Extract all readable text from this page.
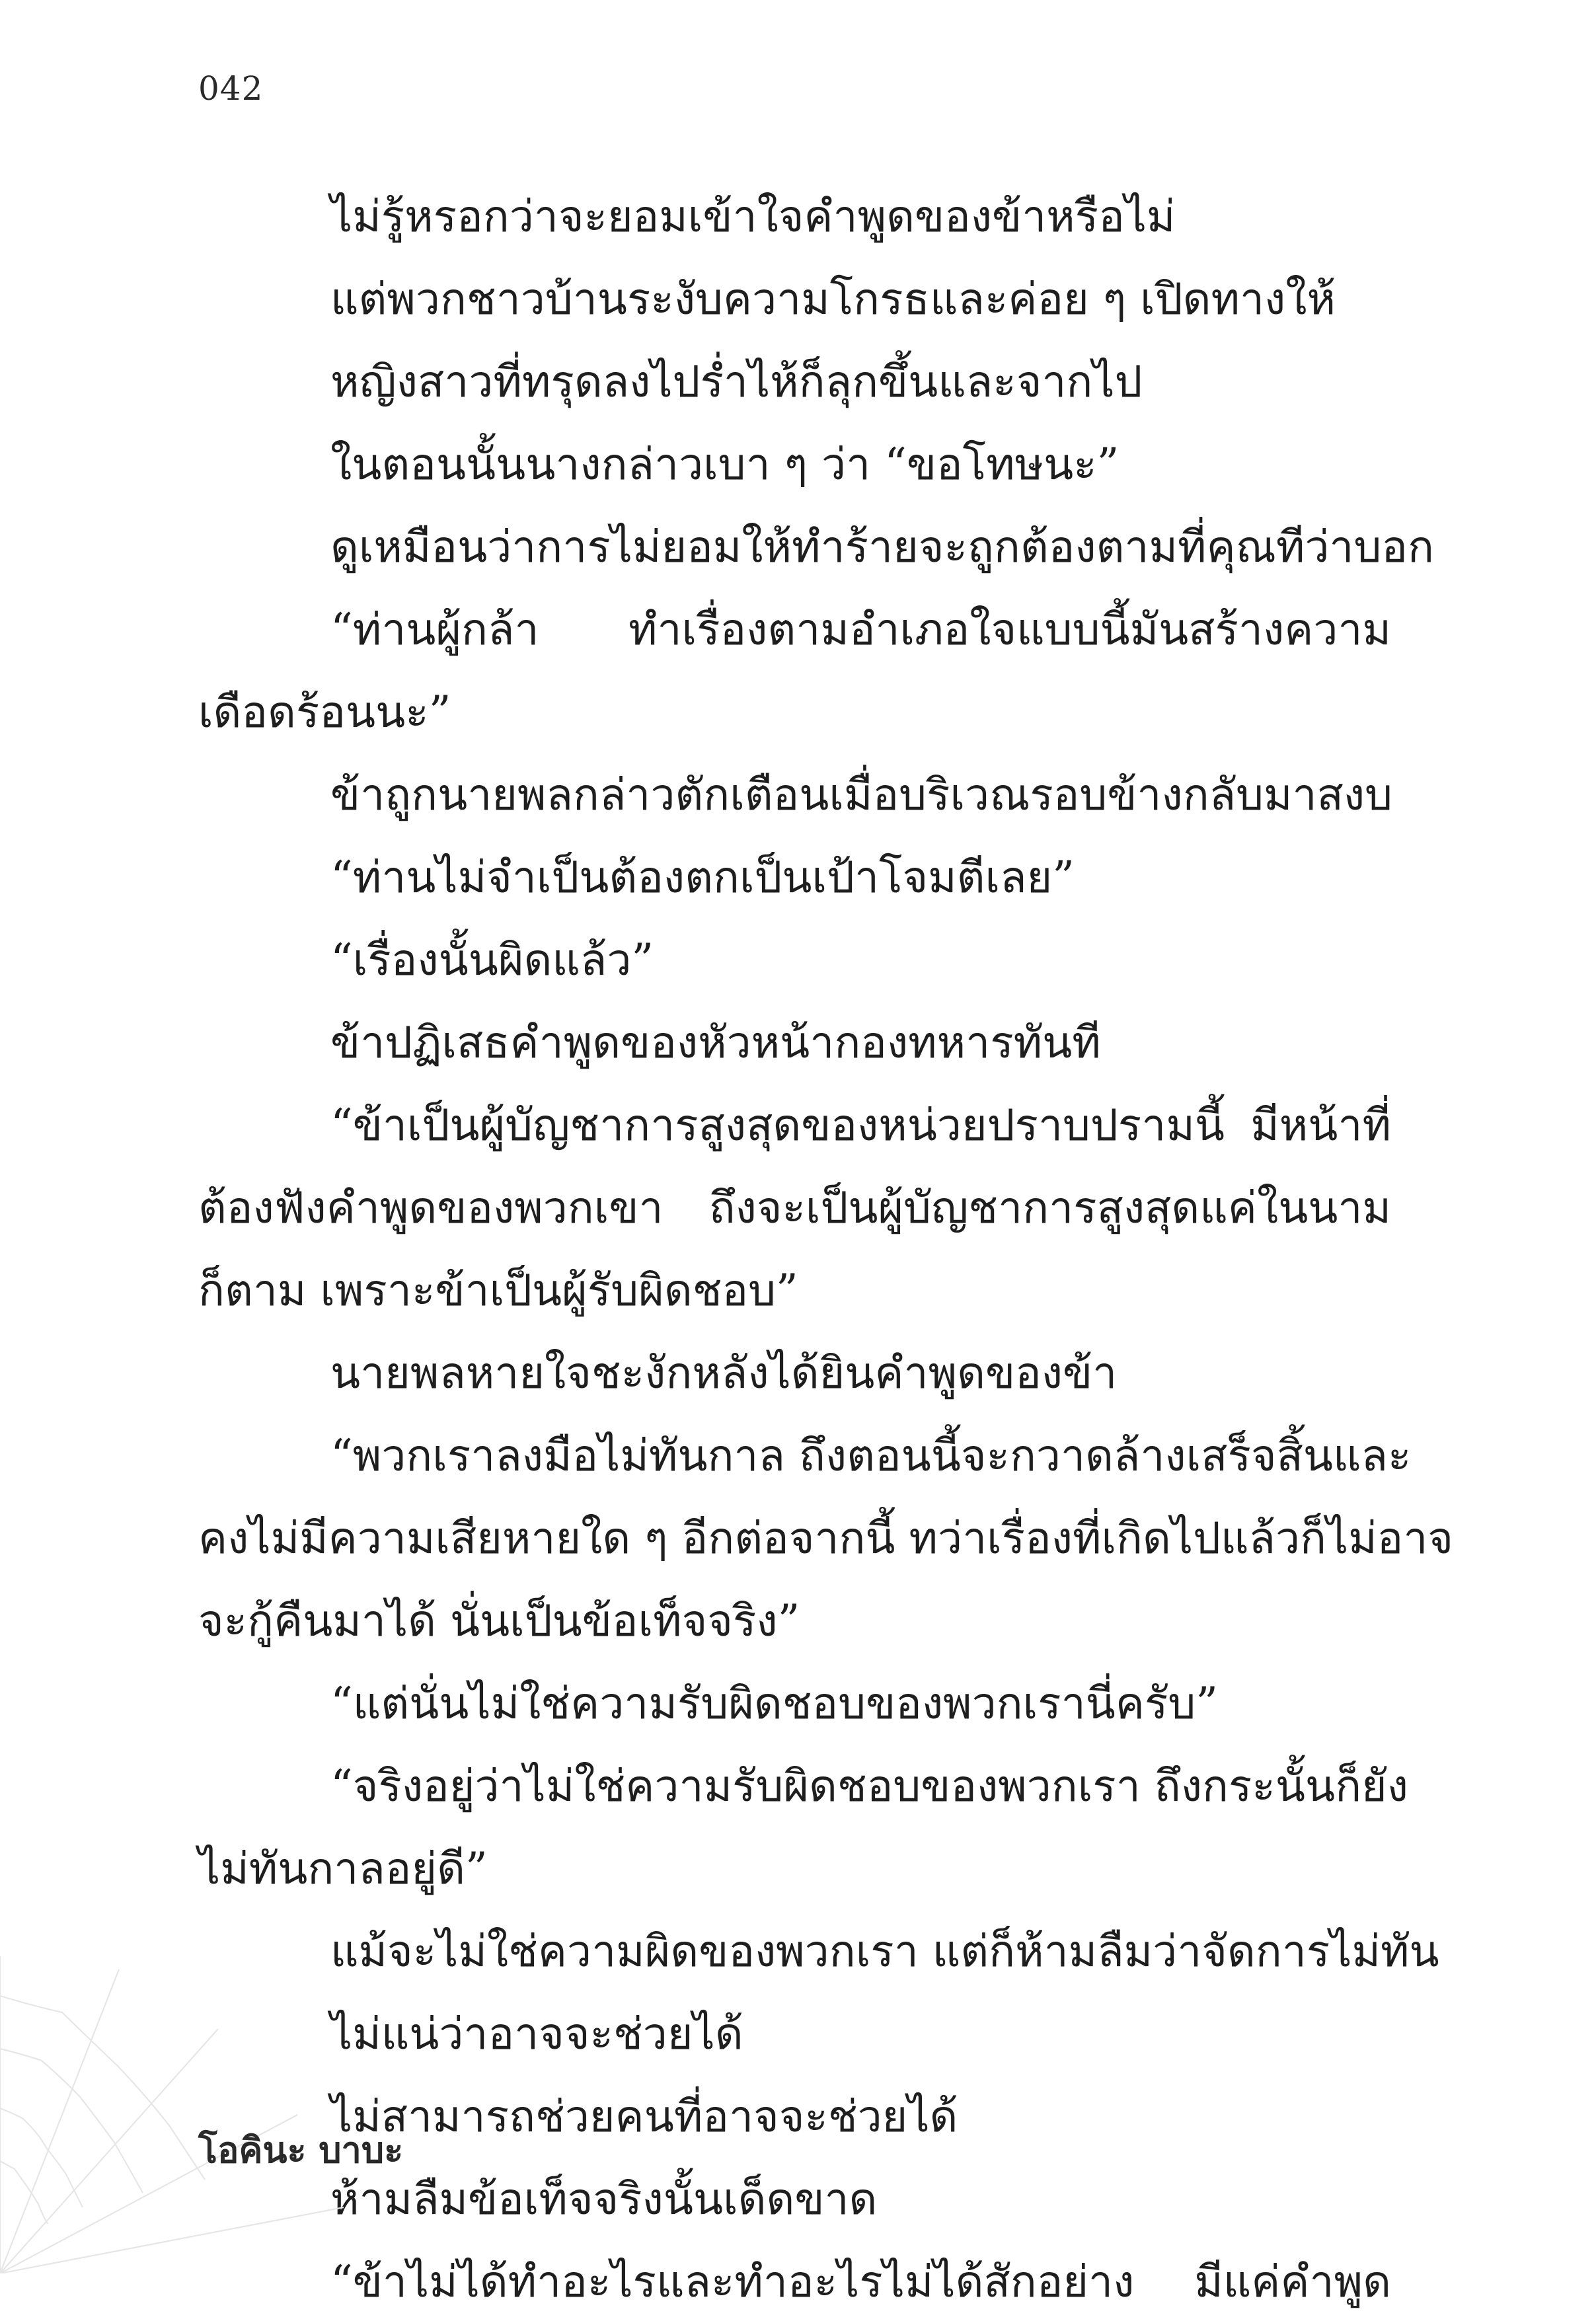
042
ไม่รู้หรอกว่าจะยอมเข้าใจคำพูดของข้าหรือไม่
แต่พวกชาวบ้านระงับความโกรธและค่อย ๆ เปิดทางให้
หญิงสาวที่ทรุดลงไปร่ำไห้ก็ลุกขึ้นและจากไป
ในตอนนั้นนางกล่าวเบา ๆ ว่า “ขอโทษนะ”
ดูเหมือนว่าการไม่ยอมให้ทำร้ายจะถูกต้องตามที่คุณทีว่าบอก
“ท่านผู้กล้า ทำเรื่องตามอำเภอใจแบบนี้มันสร้างความ
เดือดร้อนนะ”
ข้าถูกนายพลกล่าวตักเตือนเมื่อบริเวณรอบข้างกลับมาสงบ
“ท่านไม่จำเป็นต้องตกเป็นเป้าโจมตีเลย”
“เรื่องนั้นผิดแล้ว”
ข้าปฏิเสธคำพูดของหัวหน้ากองทหารทันที
“ข้าเป็นผู้บัญชาการสูงสุดของหน่วยปราบปรามนี้ มีหน้าที่
ต้องฟังคำพูดของพวกเขา ถึงจะเป็นผู้บัญชาการสูงสุดแค่ในนาม
ก็ตาม เพราะข้าเป็นผู้รับผิดชอบ”
นายพลหายใจชะงักหลังได้ยินคำพูดของข้า
“พวกเราลงมือไม่ทันกาล ถึงตอนนี้จะกวาดล้างเสร็จสิ้นและ
คงไม่มีความเสียหายใด ๆ อีกต่อจากนี้ ทว่าเรื่องที่เกิดไปแล้วก็ไม่อาจ
จะกู้คืนมาได้ นั่นเป็นข้อเท็จจริง”
“แต่นั่นไม่ใช่ความรับผิดชอบของพวกเรานี่ครับ”
“จริงอยู่ว่าไม่ใช่ความรับผิดชอบของพวกเรา ถึงกระนั้นก็ยัง
ไม่ทันกาลอยู่ดี”
แม้จะไม่ใช่ความผิดของพวกเรา แต่ก็ห้ามลืมว่าจัดการไม่ทัน
ไม่แน่ว่าอาจจะช่วยได้
ไม่สามารถช่วยคนที่อาจจะช่วยได้
ห้ามลืมข้อเท็จจริงนั้นเด็ดขาด
“ข้าไม่ได้ทำอะไรและทำอะไรไม่ได้สักอย่าง มีแค่คำพูด
โอคินะ บาบะ
